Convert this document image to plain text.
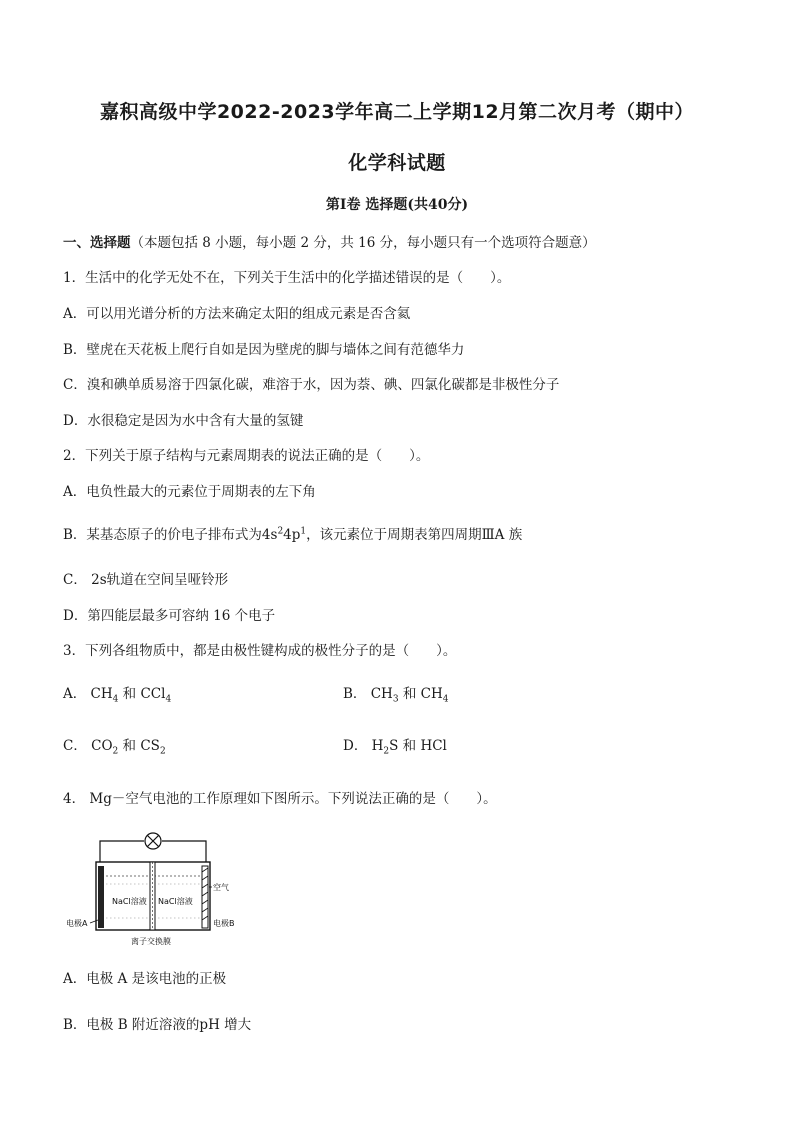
嘉积高级中学2022-2023学年高二上学期12月第二次月考（期中）
化学科试题
第Ⅰ卷 选择题(共40分)
一、选择题（本题包括 8 小题，每小题 2 分，共 16 分，每小题只有一个选项符合题意）
1．生活中的化学无处不在，下列关于生活中的化学描述错误的是（　　）。
A．可以用光谱分析的方法来确定太阳的组成元素是否含氦
B．壁虎在天花板上爬行自如是因为壁虎的脚与墙体之间有范德华力
C．溴和碘单质易溶于四氯化碳，难溶于水，因为萘、碘、四氯化碳都是非极性分子
D．水很稳定是因为水中含有大量的氢键
2．下列关于原子结构与元素周期表的说法正确的是（　　）。
A．电负性最大的元素位于周期表的左下角
B．某基态原子的价电子排布式为$4s^24p^1$，该元素位于周期表第四周期ⅢA 族
C． 2s轨道在空间呈哑铃形
D．第四能层最多可容纳 16 个电子
3．下列各组物质中，都是由极性键构成的极性分子的是（　　）。
A． $CH_4$ 和 CCl$_4$	B． $CH_3$ 和 $CH_4$
C． $CO_2$ 和 $CS_2$	D． $H_2S$ 和 HCl
4． Mg－空气电池的工作原理如下图所示。下列说法正确的是（　　）。
NaCl溶液 NaCl溶液
空气
电极A	电极B
离子交换膜
A．电极 A 是该电池的正极
B．电极 B 附近溶液的pH 增大
